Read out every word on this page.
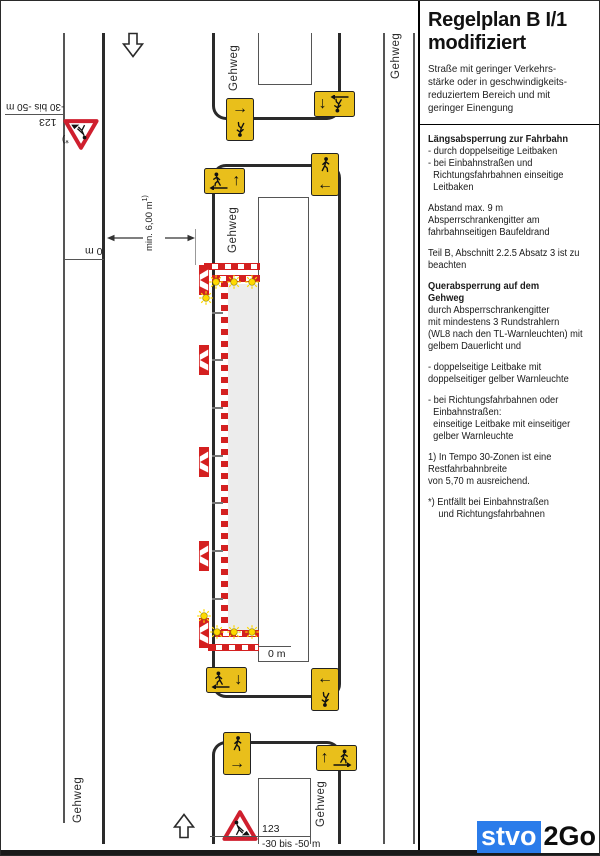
Gehweg	Gehweg
Gehweg
Gehweg
Gehweg
-30 bis -50 m
123
*)
0 m	min. 6,00 $m^{1)}$
0 m
→	↓
↑	←
↓	←
→	↑
123
-30 bis -50 m
Regelplan B I/1
modifiziert
Straße mit geringer Verkehrs-
stärke oder in geschwindigkeits-
reduziertem Bereich und mit
geringer Einengung
Längsabsperrung zur Fahrbahn
- durch doppelseitige Leitbaken
- bei Einbahnstraßen und
Richtungsfahrbahnen einseitige
Leitbaken
Abstand max. 9 m
Absperrschrankengitter am
fahrbahnseitigen Baufeldrand
Teil B, Abschnitt 2.2.5 Absatz 3 ist zu
beachten
Querabsperrung auf dem
Gehweg
durch Absperrschrankengitter
mit mindestens 3 Rundstrahlern
(WL8 nach den TL-Warnleuchten) mit
gelbem Dauerlicht und
- doppelseitige Leitbake mit
doppelseitiger gelber Warnleuchte
- bei Richtungsfahrbahnen oder
Einbahnstraßen:
einseitige Leitbake mit einseitiger
gelber Warnleuchte
1) In Tempo 30-Zonen ist eine
Restfahrbahnbreite
von 5,70 m ausreichend.
*) Entfällt bei Einbahnstraßen
und Richtungsfahrbahnen
stvo 2Go
